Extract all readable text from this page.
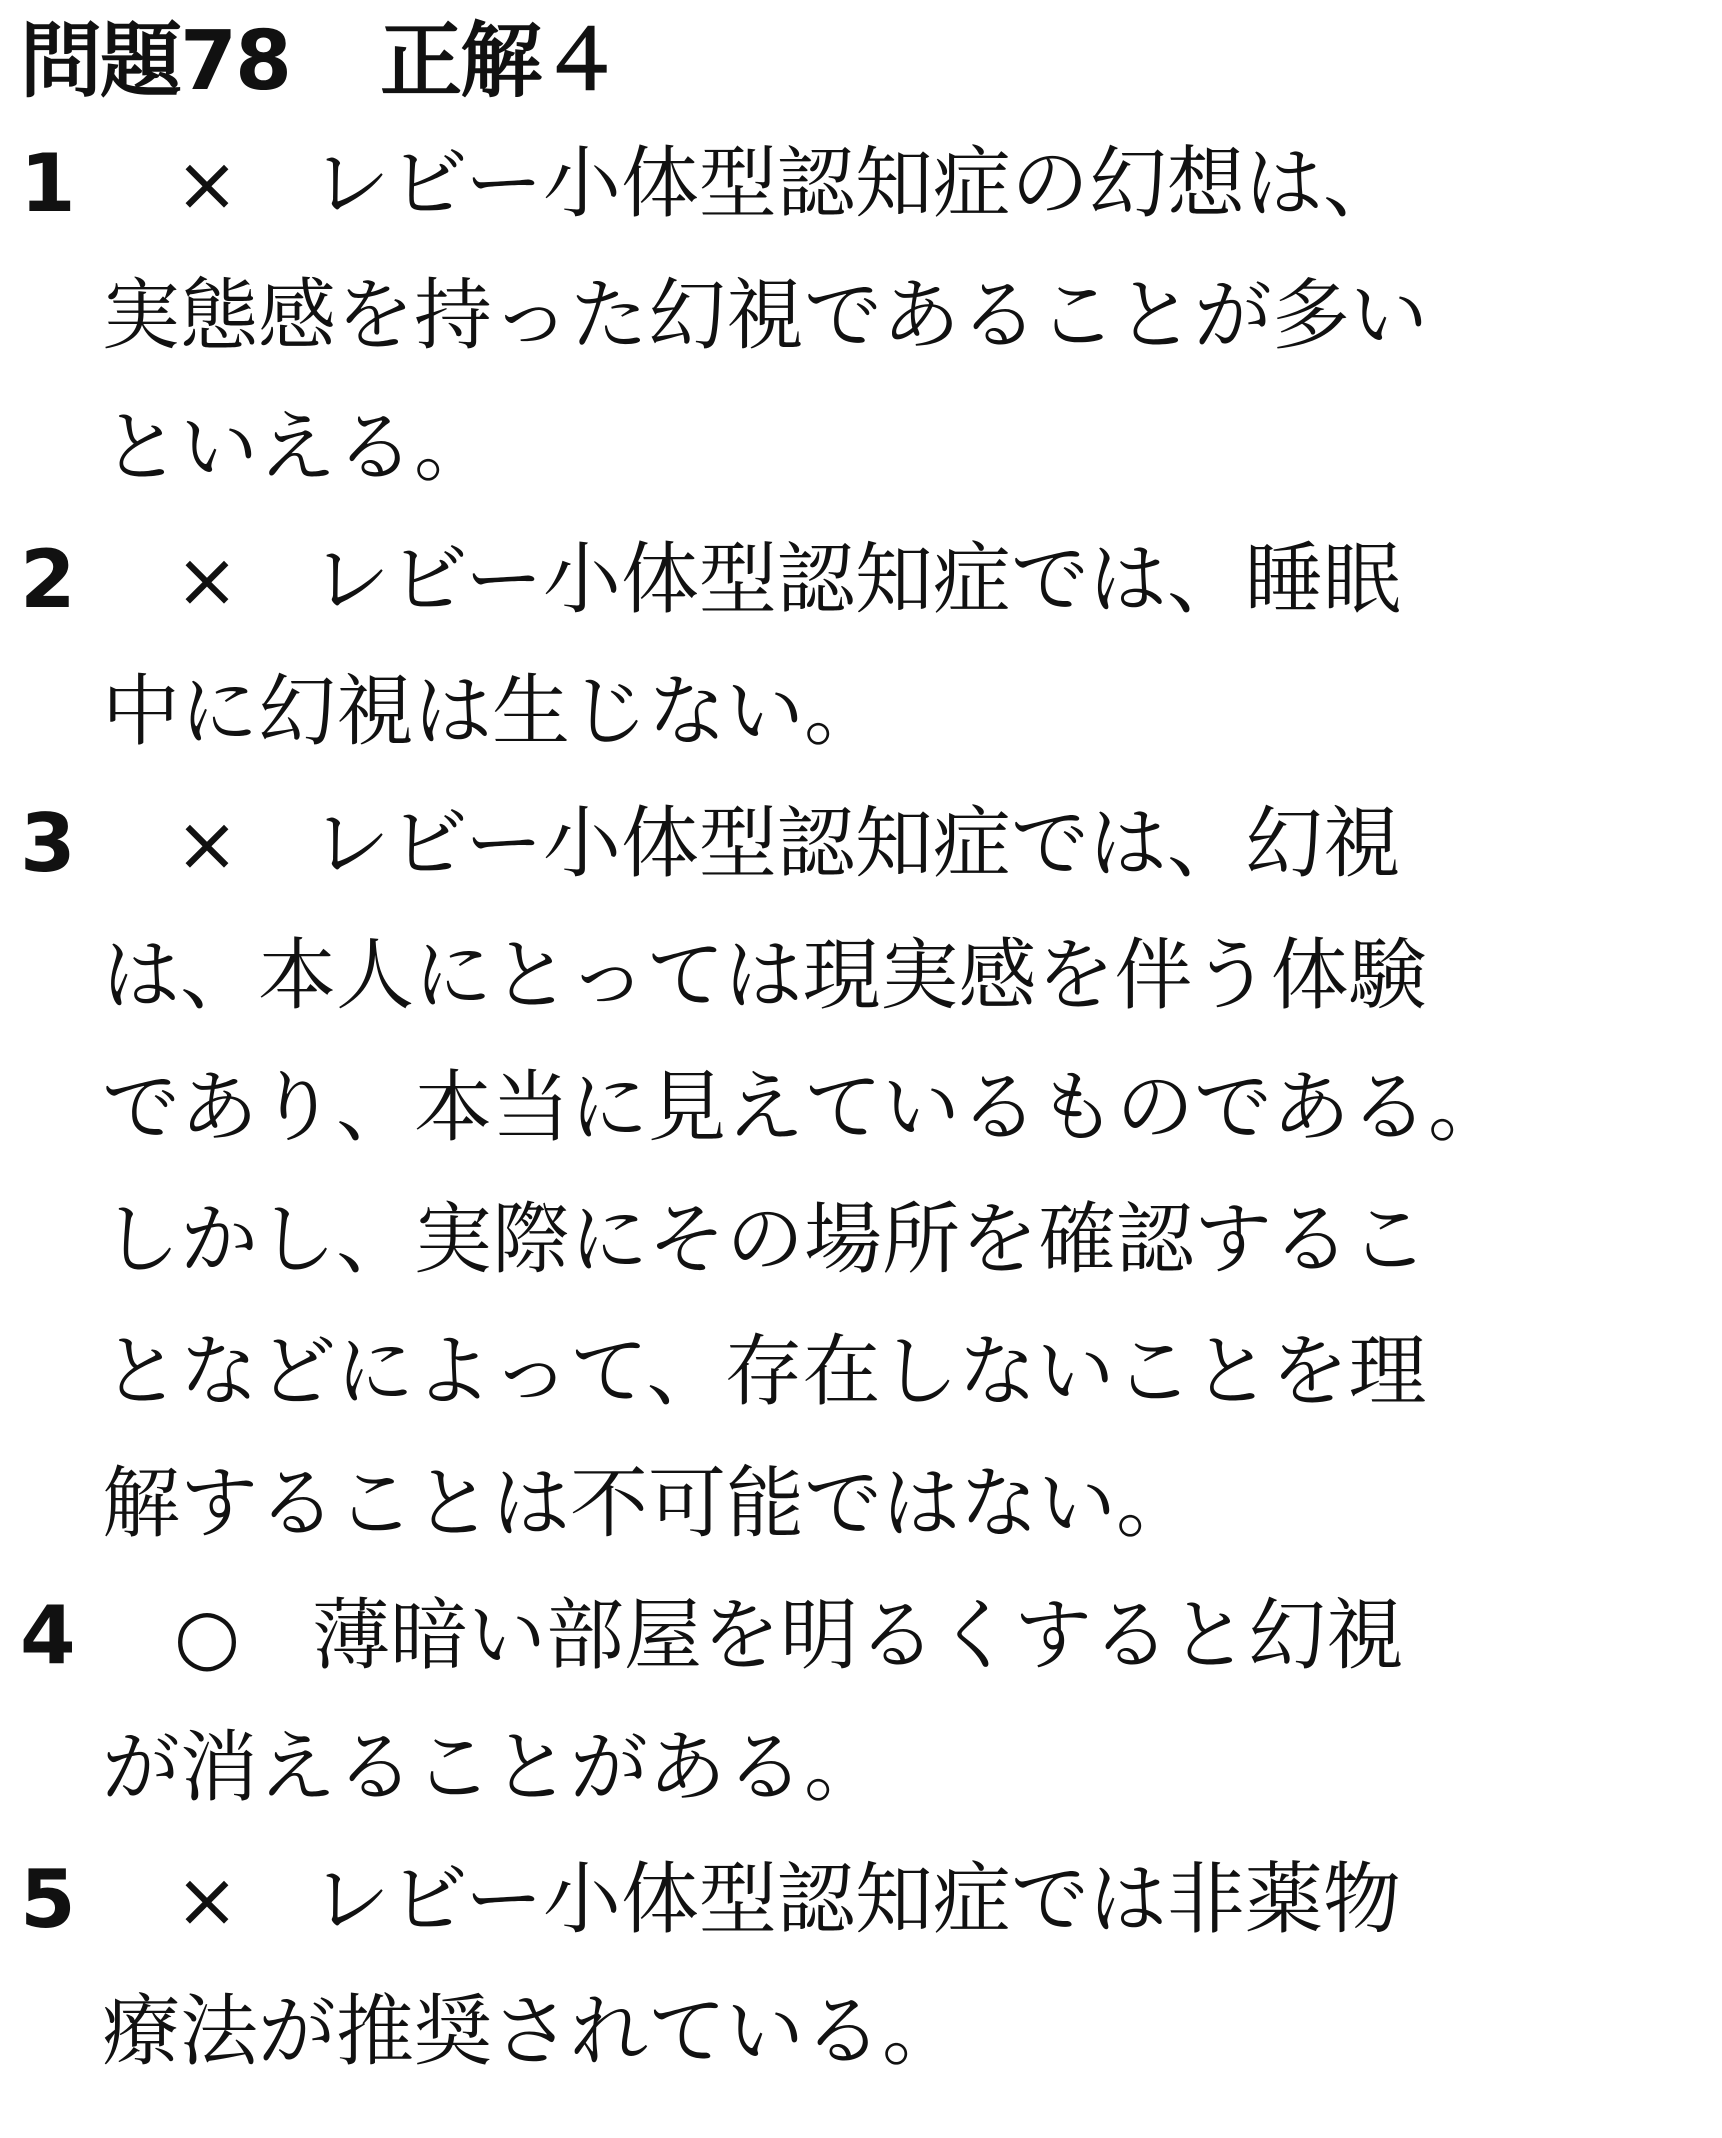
問題78 正解４
1	× レビー小体型認知症の幻想は、
実態感を持った幻視であることが多い
といえる。
2	× レビー小体型認知症では、睡眠
中に幻視は生じない。
3	× レビー小体型認知症では、幻視
は、本人にとっては現実感を伴う体験
であり、本当に見えているものである。
しかし、実際にその場所を確認するこ
となどによって、存在しないことを理
解することは不可能ではない。
4	○ 薄暗い部屋を明るくすると幻視
が消えることがある。
5	× レビー小体型認知症では非薬物
療法が推奨されている。
